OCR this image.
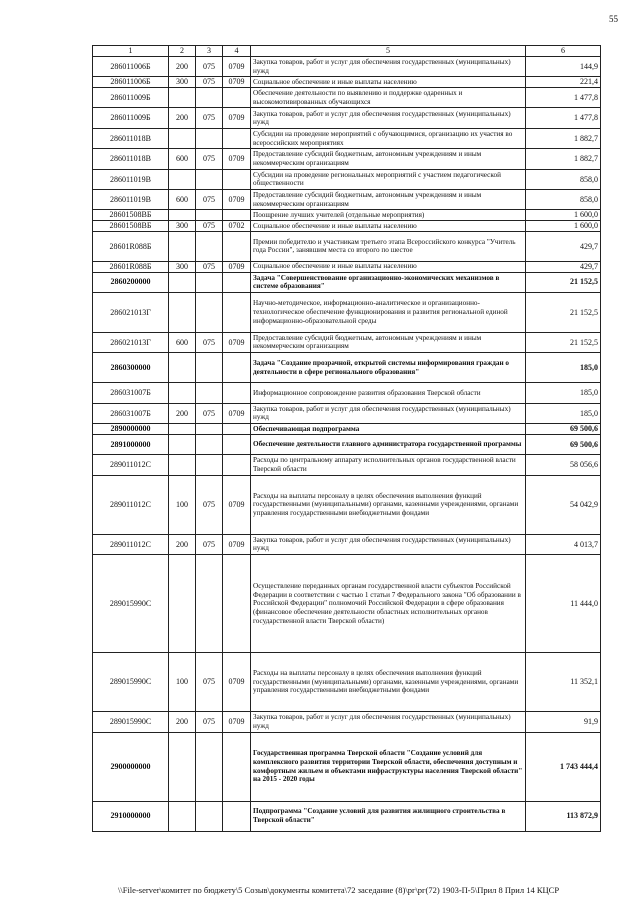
55
1	2	3	4	5	6
286011006Б	200	075	0709	Закупка товаров, работ и услуг для обеспечения государственных (муниципальных) нужд	144,9
286011006Б	300	075	0709	Социальное обеспечение и иные выплаты населению	221,4
286011009Б				Обеспечение деятельности по выявлению и поддержке одаренных и высокомотивированных обучающихся	1 477,8
286011009Б	200	075	0709	Закупка товаров, работ и услуг для обеспечения государственных (муниципальных) нужд	1 477,8
286011018В				Субсидии на проведение мероприятий с обучающимися, организацию их участия во всероссийских мероприятиях	1 882,7
286011018В	600	075	0709	Предоставление субсидий бюджетным, автономным учреждениям и иным некоммерческим организациям	1 882,7
286011019В				Субсидии на проведение региональных мероприятий с участием педагогической общественности	858,0
286011019В	600	075	0709	Предоставление субсидий бюджетным, автономным учреждениям и иным некоммерческим организациям	858,0
28601508ВБ				Поощрение лучших учителей (отдельные мероприятия)	1 600,0
28601508ВБ	300	075	0702	Социальное обеспечение и иные выплаты населению	1 600,0
28601R088Б				Премии победителю и участникам третьего этапа Всероссийского конкурса "Учитель года России", занявшим места со второго по шестое	429,7
28601R088Б	300	075	0709	Социальное обеспечение и иные выплаты населению	429,7
2860200000				Задача "Совершенствование организационно-экономических механизмов в системе образования"	21 152,5
286021013Г				Научно-методическое, информационно-аналитическое и организационно-технологическое обеспечение функционирования и развития региональной единой информационно-образовательной среды	21 152,5
286021013Г	600	075	0709	Предоставление субсидий бюджетным, автономным учреждениям и иным некоммерческим организациям	21 152,5
2860300000				Задача "Создание прозрачной, открытой системы информирования граждан о деятельности в сфере регионального образования"	185,0
286031007Б				Информационное сопровождение развития образования Тверской области	185,0
286031007Б	200	075	0709	Закупка товаров, работ и услуг для обеспечения государственных (муниципальных) нужд	185,0
2890000000				Обеспечивающая подпрограмма	69 500,6
2891000000				Обеспечение деятельности главного администратора государственной программы	69 500,6
289011012С				Расходы по центральному аппарату исполнительных органов государственной власти Тверской области	58 056,6
289011012С	100	075	0709	Расходы на выплаты персоналу в целях обеспечения выполнения функций государственными (муниципальными) органами, казенными учреждениями, органами управления государственными внебюджетными фондами	54 042,9
289011012С	200	075	0709	Закупка товаров, работ и услуг для обеспечения государственных (муниципальных) нужд	4 013,7
289015990С				Осуществление переданных органам государственной власти субъектов Российской Федерации в соответствии с частью 1 статьи 7 Федерального закона "Об образовании в Российской Федерации" полномочий Российской Федерации в сфере образования (финансовое обеспечение деятельности областных исполнительных органов государственной власти Тверской области)	11 444,0
289015990С	100	075	0709	Расходы на выплаты персоналу в целях обеспечения выполнения функций государственными (муниципальными) органами, казенными учреждениями, органами управления государственными внебюджетными фондами	11 352,1
289015990С	200	075	0709	Закупка товаров, работ и услуг для обеспечения государственных (муниципальных) нужд	91,9
2900000000				Государственная программа Тверской области "Создание условий для комплексного развития территории Тверской области, обеспечения доступным и комфортным жильем и объектами инфраструктуры населения Тверской области" на 2015 - 2020 годы	1 743 444,4
2910000000				Подпрограмма "Создание условий для развития жилищного строительства в Тверской области"	113 872,9
\\File-server\комитет по бюджету\5 Созыв\документы комитета\72 заседание (8)\рг\рг(72) 1903-П-5\Прил 8 Прил 14 КЦСР
